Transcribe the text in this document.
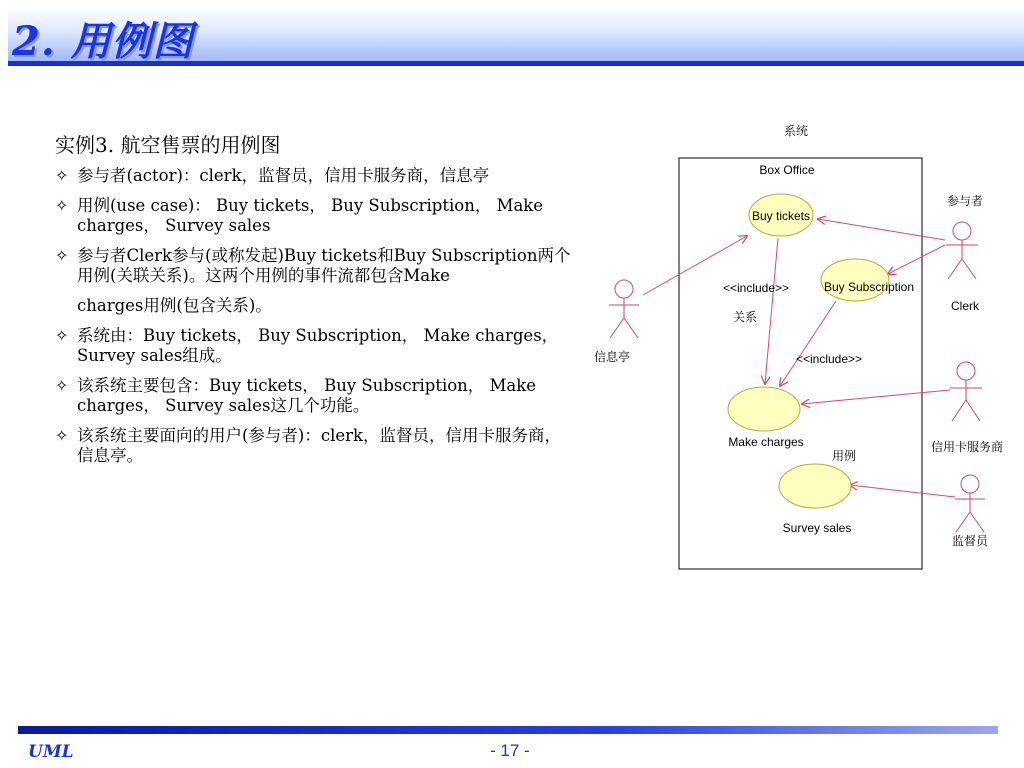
2. 用例图
实例3. 航空售票的用例图
✧ 参与者(actor)：clerk，监督员，信用卡服务商，信息亭
✧ 用例(use case)： Buy tickets， Buy Subscription， Make charges， Survey sales
✧ 参与者Clerk参与(或称发起)Buy tickets和Buy Subscription两个用例(关联关系)。这两个用例的事件流都包含Make
charges用例(包含关系)。
✧ 系统由：Buy tickets， Buy Subscription， Make charges， Survey sales组成。
✧ 该系统主要包含：Buy tickets， Buy Subscription， Make charges， Survey sales这几个功能。
✧ 该系统主要面向的用户(参与者)：clerk，监督员，信用卡服务商，信息亭。
系统
Box Office
Buy tickets
Buy Subscription
Make charges
Survey sales
<<include>>
<<include>>
关系
用例
参与者
信息亭
Clerk
信用卡服务商
监督员
UML	- 17 -
